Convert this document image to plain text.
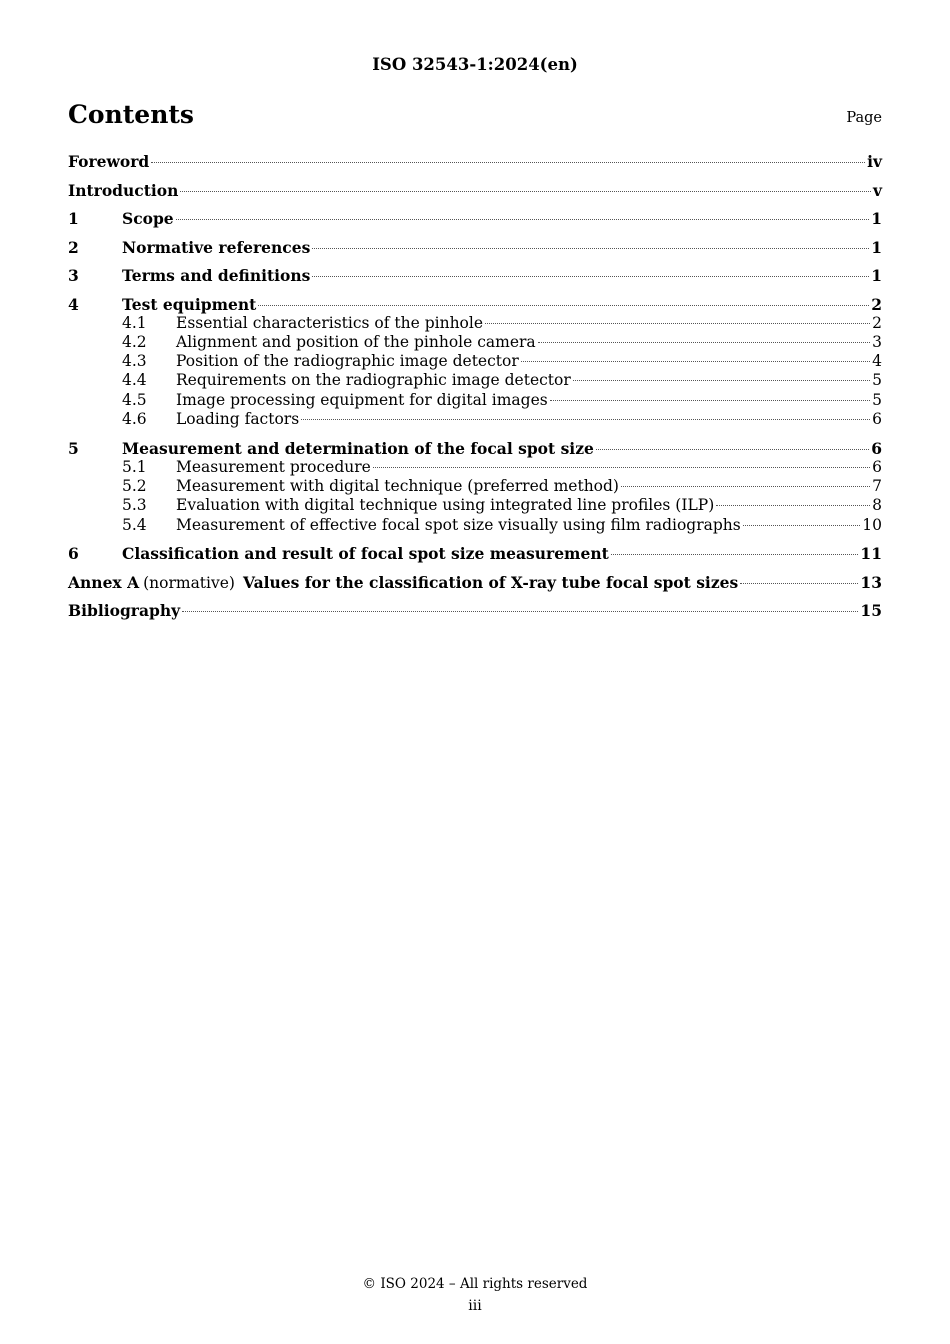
ISO 32543-1:2024(en)
Contents	Page
Foreword	iv
Introduction	v
1	Scope	1
2	Normative references	1
3	Terms and definitions	1
4	Test equipment	2
4.1	Essential characteristics of the pinhole	2
4.2	Alignment and position of the pinhole camera	3
4.3	Position of the radiographic image detector	4
4.4	Requirements on the radiographic image detector	5
4.5	Image processing equipment for digital images	5
4.6	Loading factors	6
5	Measurement and determination of the focal spot size	6
5.1	Measurement procedure	6
5.2	Measurement with digital technique (preferred method)	7
5.3	Evaluation with digital technique using integrated line profiles (ILP)	8
5.4	Measurement of effective focal spot size visually using film radiographs	10
6	Classification and result of focal spot size measurement	11
Annex A (normative) Values for the classification of X-ray tube focal spot sizes	13
Bibliography	15
© ISO 2024 – All rights reserved
iii
